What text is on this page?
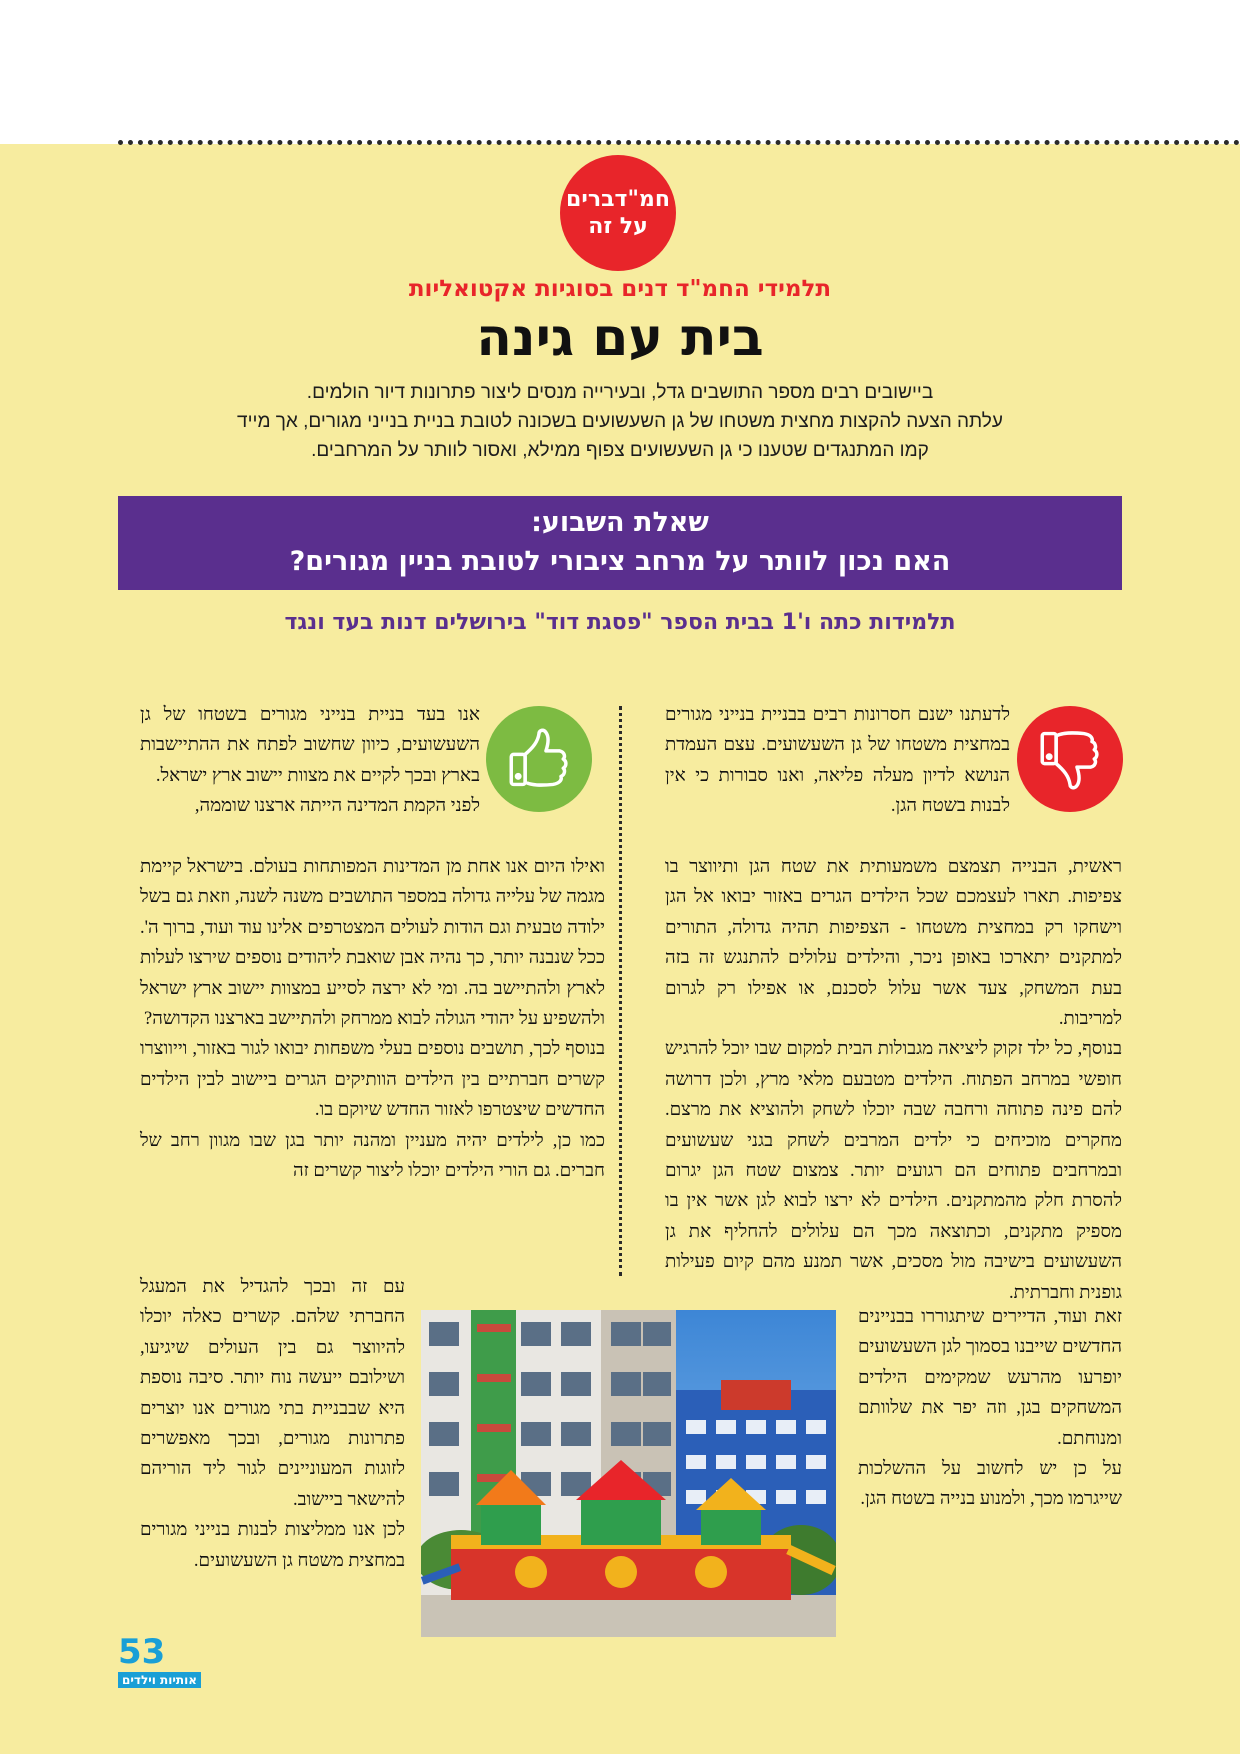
חמ"דברים
על זה
תלמידי החמ"ד דנים בסוגיות אקטואליות
בית עם גינה

ביישובים רבים מספר התושבים גדל, ובעירייה מנסים ליצור פתרונות דיור הולמים.

עלתה הצעה להקצות מחצית משטחו של גן השעשועים בשכונה לטובת בניית בנייני מגורים, אך מייד

קמו המתנגדים שטענו כי גן השעשועים צפוף ממילא, ואסור לוותר על המרחבים.

שאלת השבוע:
האם נכון לוותר על מרחב ציבורי לטובת בניין מגורים?
תלמידות כתה ו'1 בבית הספר "פסגת דוד" בירושלים דנות בעד ונגד

לדעתנו ישנם חסרונות רבים בבניית בנייני מגורים במחצית משטחו של גן השעשועים. עצם העמדת הנושא לדיון מעלה פליאה, ואנו סבורות כי אין לבנות בשטח הגן.

ראשית, הבנייה תצמצם משמעותית את שטח הגן ותיווצר בו צפיפות. תארו לעצמכם שכל הילדים הגרים באזור יבואו אל הגן וישחקו רק במחצית משטחו - הצפיפות תהיה גדולה, התורים למתקנים יתארכו באופן ניכר, והילדים עלולים להתנגש זה בזה בעת המשחק, צעד אשר עלול לסכנם, או אפילו רק לגרום למריבות.

בנוסף, כל ילד זקוק ליציאה מגבולות הבית למקום שבו יוכל להרגיש חופשי במרחב הפתוח. הילדים מטבעם מלאי מרץ, ולכן דרושה להם פינה פתוחה ורחבה שבה יוכלו לשחק ולהוציא את מרצם. מחקרים מוכיחים כי ילדים המרבים לשחק בגני שעשועים ובמרחבים פתוחים הם רגועים יותר. צמצום שטח הגן יגרום להסרת חלק מהמתקנים. הילדים לא ירצו לבוא לגן אשר אין בו מספיק מתקנים, וכתוצאה מכך הם עלולים להחליף את גן השעשועים בישיבה מול מסכים, אשר תמנע מהם קיום פעילות גופנית וחברתית.

זאת ועוד, הדיירים שיתגוררו בבניינים החדשים שייבנו בסמוך לגן השעשועים יופרעו מהרעש שמקימים הילדים המשחקים בגן, וזה יפר את שלוותם ומנוחתם.

על כן יש לחשוב על ההשלכות שייגרמו מכך, ולמנוע בנייה בשטח הגן.

אנו בעד בניית בנייני מגורים בשטחו של גן השעשועים, כיוון שחשוב לפתח את ההתיישבות בארץ ובכך לקיים את מצוות יישוב ארץ ישראל.

לפני הקמת המדינה הייתה ארצנו שוממה,

ואילו היום אנו אחת מן המדינות המפותחות בעולם. בישראל קיימת מגמה של עלייה גדולה במספר התושבים משנה לשנה, וזאת גם בשל ילודה טבעית וגם הודות לעולים המצטרפים אלינו עוד ועוד, ברוך ה'. ככל שנבנה יותר, כך נהיה אבן שואבת ליהודים נוספים שירצו לעלות לארץ ולהתיישב בה. ומי לא ירצה לסייע במצוות יישוב ארץ ישראל ולהשפיע על יהודי הגולה לבוא ממרחק ולהתיישב בארצנו הקדושה?

בנוסף לכך, תושבים נוספים בעלי משפחות יבואו לגור באזור, וייווצרו קשרים חברתיים בין הילדים הוותיקים הגרים ביישוב לבין הילדים החדשים שיצטרפו לאזור החדש שיוקם בו.

כמו כן, לילדים יהיה מעניין ומהנה יותר בגן שבו מגוון רחב של חברים. גם הורי הילדים יוכלו ליצור קשרים זה

עם זה ובכך להגדיל את המעגל החברתי שלהם. קשרים כאלה יוכלו להיווצר גם בין העולים שיגיעו, ושילובם ייעשה נוח יותר. סיבה נוספת היא שבבניית בתי מגורים אנו יוצרים פתרונות מגורים, ובכך מאפשרים לזוגות המעוניינים לגור ליד הוריהם להישאר ביישוב.

לכן אנו ממליצות לבנות בנייני מגורים במחצית משטח גן השעשועים.

53
אותיות וילדים
